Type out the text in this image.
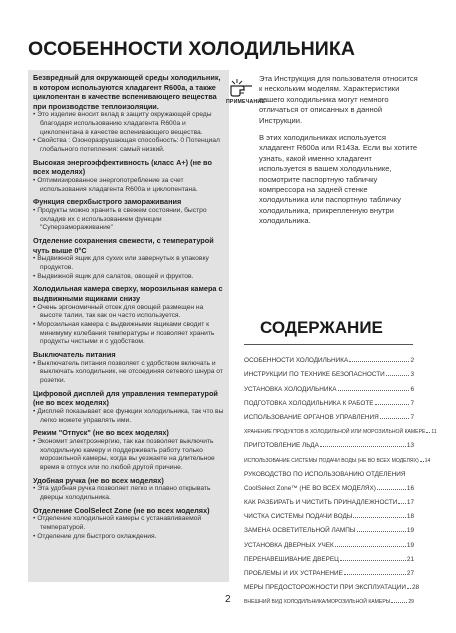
ОСОБЕННОСТИ ХОЛОДИЛЬНИКА
Безвредный для окружающей среды холодильник, в котором используются хладагент R600a, а также циклопентан в качестве вспенивающего вещества при производстве теплоизоляции.
• Это изделие вносит вклад в защиту окружающей среды благодаря использованию хладагента R600a и циклопентана в качестве вспенивающего вещества.
• Свойства : Озоноразрушающая способность: 0 Потенциал глобального потепления: самый низкий.
Высокая энергоэффективность (класс А+) (не во всех моделях)
• Оптимизированное энергопотребление за счет использования хладагента R600a и циклопентана.
Функция сверхбыстрого замораживания
• Продукты можно хранить в свежем состоянии, быстро охладив их с использованием функции "Суперзамораживание"
Отделение сохранения свежести, с температурой чуть выше 0°C
• Выдвижной ящик для сухих или завернутых в упаковку продуктов.
• Выдвижной ящик для салатов, овощей и фруктов.
Холодильная камера сверху, морозильная камера с выдвижными ящиками снизу
• Очень эргономичный отсек для овощей размещен на высоте талии, так как он часто используется.
• Морозильная камера с выдвижными ящиками сводит к минимуму колебания температуры и позволяет хранить продукты чистыми и с удобством.
Выключатель питания
• Выключатель питания позволяет с удобством включать и выключать холодильник, не отсоединяя сетевого шнура от розетки.
Цифровой дисплей для управления температурой (не во всех моделях)
• Дисплей показывает все функции холодильника, так что вы легко можете управлять ими.
Режим "Отпуск" (не во всех моделях)
• Экономит электроэнергию, так как позволяет выключить холодильную камеру и поддерживать работу только морозильной камеры, когда вы уезжаете на длительное время в отпуск или по любой другой причине.
Удобная ручка (не во всех моделях)
• Эта удобная ручка позволяет легко и плавно открывать дверцы холодильника.
Отделение CoolSelect Zone (не во всех моделях)
• Отделение холодильной камеры с устанавливаемой температурой.
• Отделение для быстрого охлаждения.
ПРИМЕЧАНИЕ

Эта Инструкция для пользователя относится к нескольким моделям. Характеристики вашего холодильника могут немного отличаться от описанных в данной Инструкции.

В этих холодильниках используется хладагент R600a или R143a. Если вы хотите узнать, какой именно хладагент используется в вашем холодильнике, посмотрите паспортную табличку компрессора на задней стенке холодильника или паспортную табличку холодильника, прикрепленную внутри холодильника.

СОДЕРЖАНИЕ
ОСОБЕННОСТИ ХОЛОДИЛЬНИКА	2
ИНСТРУКЦИИ ПО ТЕХНИКЕ БЕЗОПАСНОСТИ	3
УСТАНОВКА ХОЛОДИЛЬНИКА	6
ПОДГОТОВКА ХОЛОДИЛЬНИКА К РАБОТЕ	7
ИСПОЛЬЗОВАНИЕ ОРГАНОВ УПРАВЛЕНИЯ	7
ХРАНЕНИЕ ПРОДУКТОВ В ХОЛОДИЛЬНОЙ ИЛИ МОРОЗИЛЬНОЙ КАМЕРЕ 11
ПРИГОТОВЛЕНИЕ ЛЬДА	13
ИСПОЛЬЗОВАНИЕ СИСТЕМЫ ПОДАЧИ ВОДЫ (НЕ ВО ВСЕХ МОДЕЛЯХ) 14
РУКОВОДСТВО ПО ИСПОЛЬЗОВАНИЮ ОТДЕЛЕНИЯ
CoolSelect Zone™ (НЕ ВО ВСЕХ МОДЕЛЯХ)	16
КАК РАЗБИРАТЬ И ЧИСТИТЬ ПРИНАДЛЕЖНОСТИ 17
ЧИСТКА СИСТЕМЫ ПОДАЧИ ВОДЫ	18
ЗАМЕНА ОСВЕТИТЕЛЬНОЙ ЛАМПЫ	19
УСТАНОВКА ДВЕРНЫХ УЧЕК	19
ПЕРЕНАВЕШИВАНИЕ ДВЕРЕЦ	21
ПРОБЛЕМЫ И ИХ УСТРАНЕНИЕ	27
МЕРЫ ПРЕДОСТОРОЖНОСТИ ПРИ ЭКСПЛУАТАЦИИ 28
ВНЕШНИЙ ВИД ХОЛОДИЛЬНИКА/МОРОЗИЛЬНОЙ КАМЕРЫ	29
2
